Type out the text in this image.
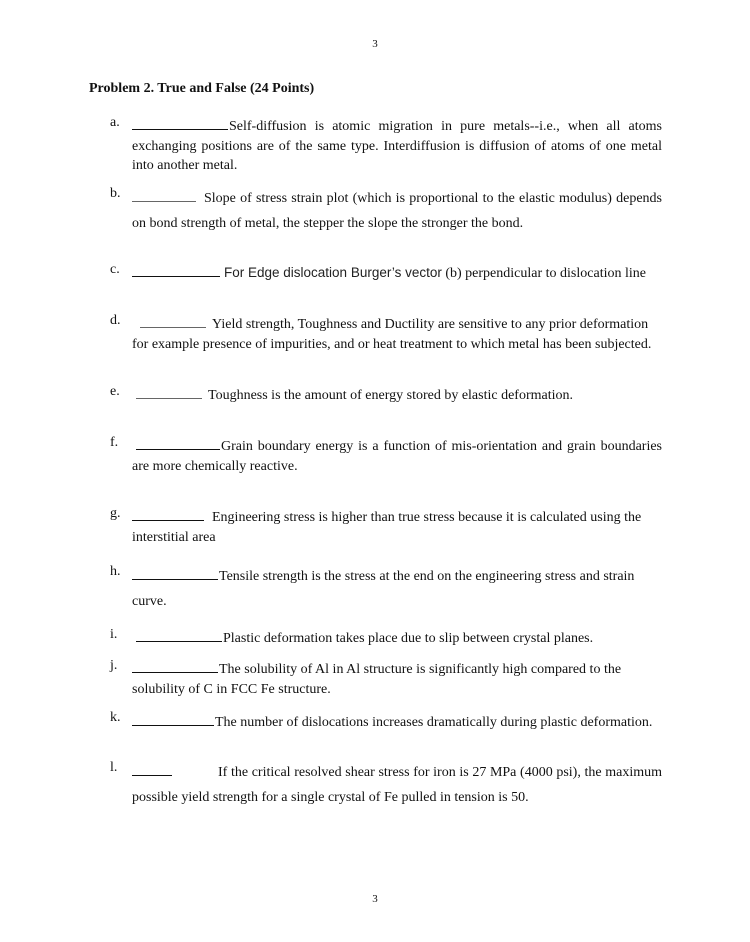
3
Problem 2. True and False (24 Points)
a.	Self-diffusion is atomic migration in pure metals--i.e., when all atoms exchanging positions are of the same type. Interdiffusion is diffusion of atoms of one metal into another metal.
b.	Slope of stress strain plot (which is proportional to the elastic modulus) depends on bond strength of metal, the stepper the slope the stronger the bond.
c.	For Edge dislocation Burger’s vector (b) perpendicular to dislocation line
d.	Yield strength, Toughness and Ductility are sensitive to any prior deformation for example presence of impurities, and or heat treatment to which metal has been subjected.
e.	Toughness is the amount of energy stored by elastic deformation.
f.	Grain boundary energy is a function of mis-orientation and grain boundaries are more chemically reactive.
g.	Engineering stress is higher than true stress because it is calculated using the interstitial area
h.	Tensile strength is the stress at the end on the engineering stress and strain curve.
i.	Plastic deformation takes place due to slip between crystal planes.
j.	The solubility of Al in Al structure is significantly high compared to the solubility of C in FCC Fe structure.
k.	The number of dislocations increases dramatically during plastic deformation.
l.	If the critical resolved shear stress for iron is 27 MPa (4000 psi), the maximum possible yield strength for a single crystal of Fe pulled in tension is 50.
3
